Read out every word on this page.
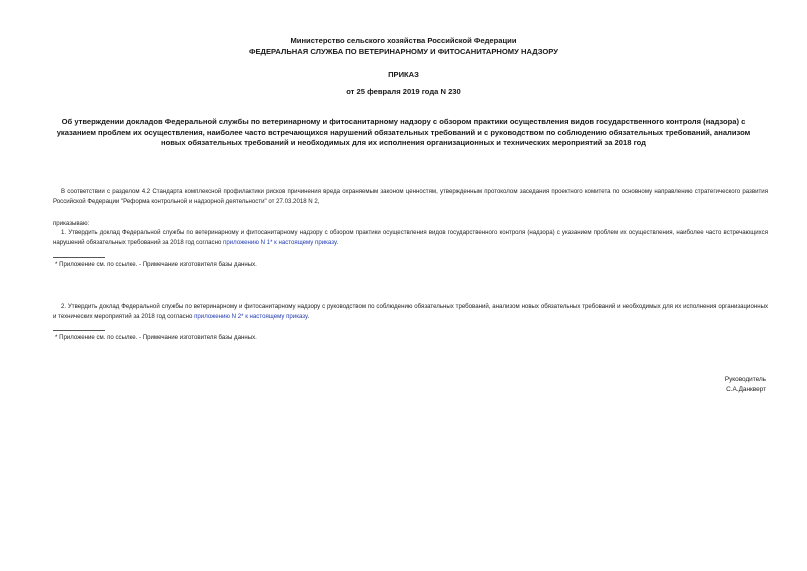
Министерство сельского хозяйства Российской Федерации
ФЕДЕРАЛЬНАЯ СЛУЖБА ПО ВЕТЕРИНАРНОМУ И ФИТОСАНИТАРНОМУ НАДЗОРУ
ПРИКАЗ
от 25 февраля 2019 года N 230
Об утверждении докладов Федеральной службы по ветеринарному и фитосанитарному надзору с обзором практики осуществления видов государственного контроля (надзора) с указанием проблем их осуществления, наиболее часто встречающихся нарушений обязательных требований и с руководством по соблюдению обязательных требований, анализом новых обязательных требований и необходимых для их исполнения организационных и технических мероприятий за 2018 год
В соответствии с разделом 4.2 Стандарта комплексной профилактики рисков причинения вреда охраняемым законом ценностям, утвержденным протоколом заседания проектного комитета по основному направлению стратегического развития Российской Федерации "Реформа контрольной и надзорной деятельности" от 27.03.2018 N 2,
приказываю:
1. Утвердить доклад Федеральной службы по ветеринарному и фитосанитарному надзору с обзором практики осуществления видов государственного контроля (надзора) с указанием проблем их осуществления, наиболее часто встречающихся нарушений обязательных требований за 2018 год согласно приложению N 1* к настоящему приказу.
* Приложение см. по ссылке. - Примечание изготовителя базы данных.
2. Утвердить доклад Федеральной службы по ветеринарному и фитосанитарному надзору с руководством по соблюдению обязательных требований, анализом новых обязательных требований и необходимых для их исполнения организационных и технических мероприятий за 2018 год согласно приложению N 2* к настоящему приказу.
* Приложение см. по ссылке. - Примечание изготовителя базы данных.
Руководитель
С.А.Данкверт
